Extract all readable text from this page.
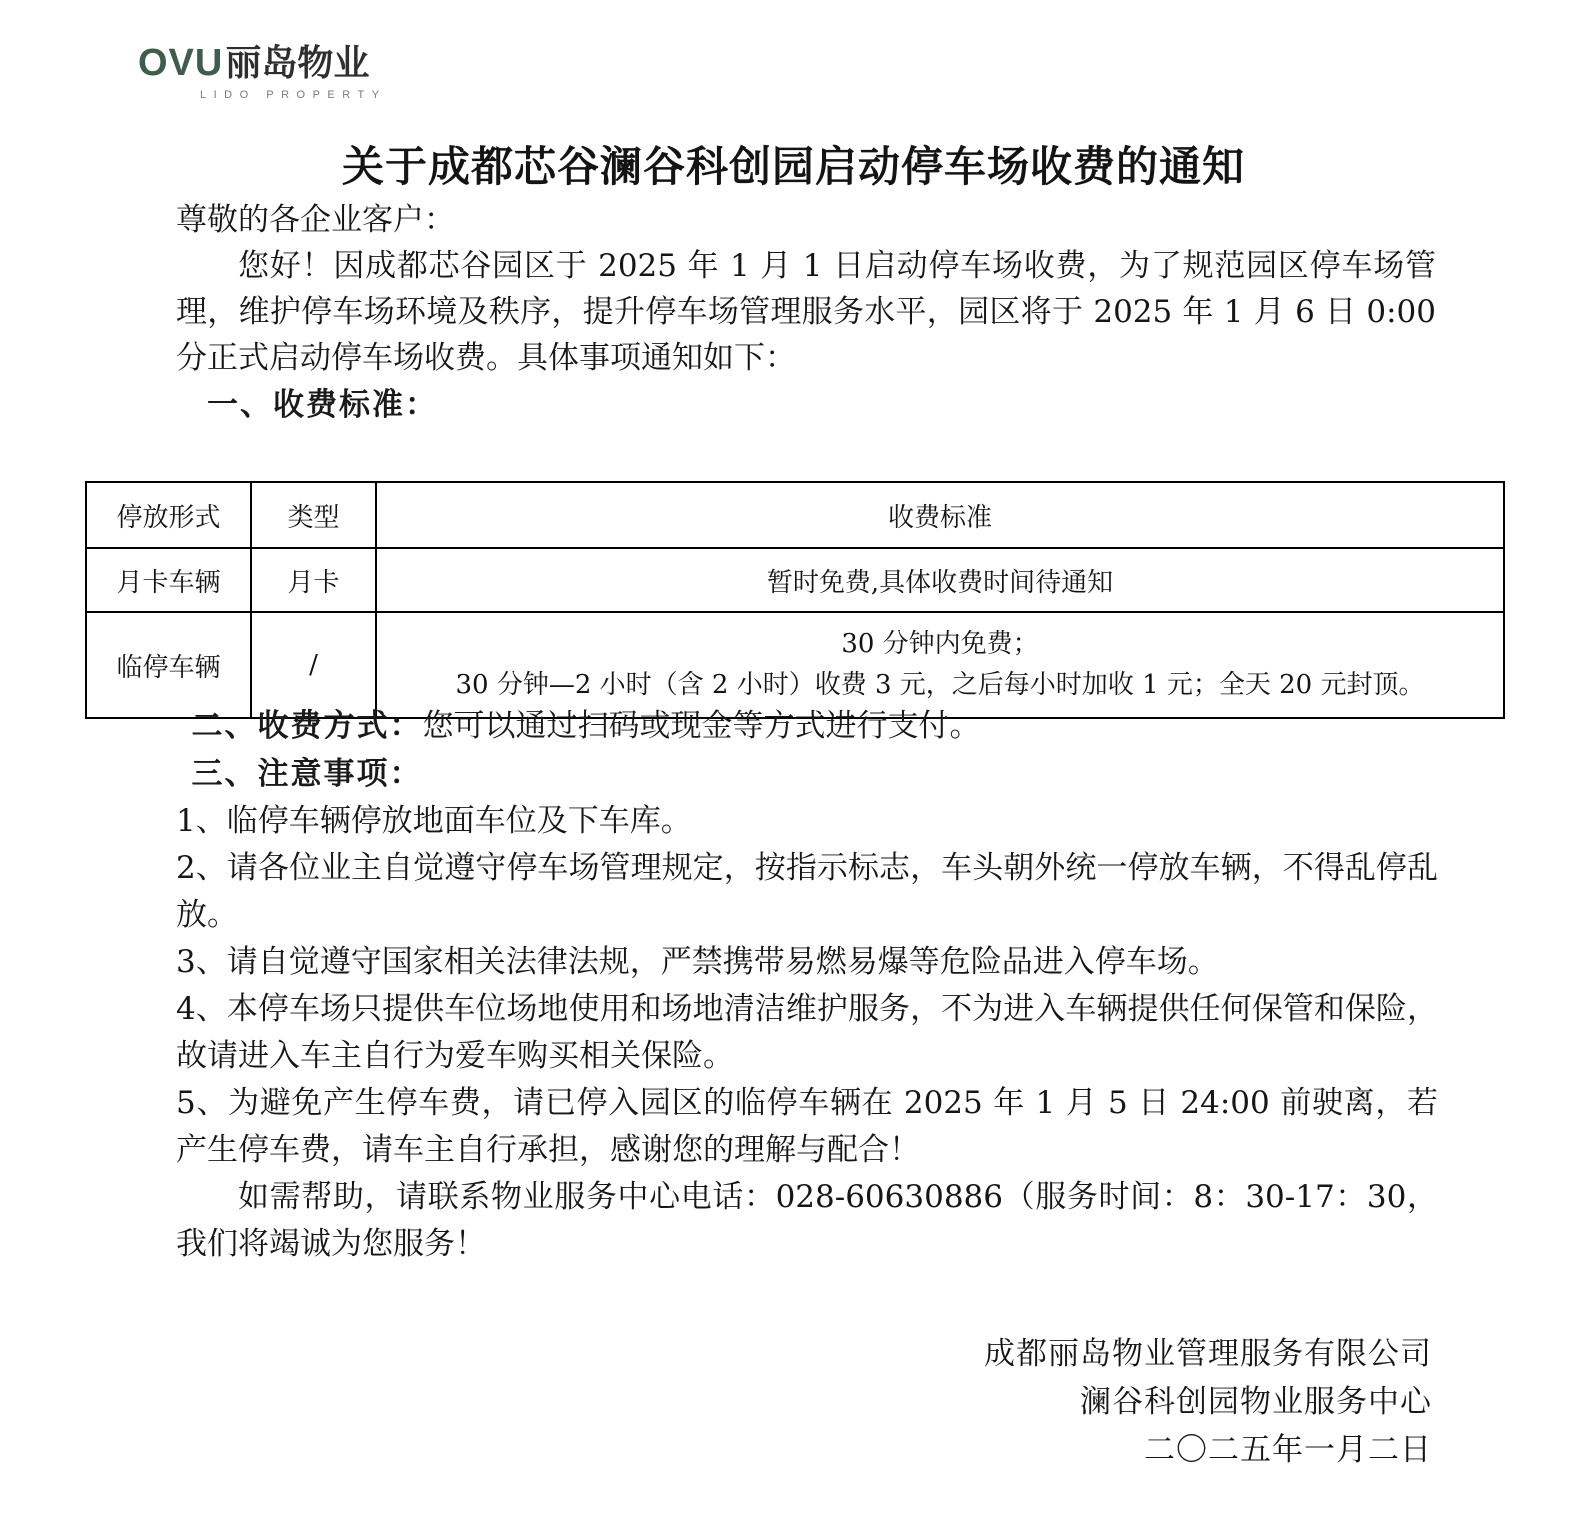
OVU 丽岛物业
LIDO PROPERTY
关于成都芯谷澜谷科创园启动停车场收费的通知

尊敬的各企业客户：

您好！因成都芯谷园区于 2025 年 1 月 1 日启动停车场收费，为了规范园区停车场管理，维护停车场环境及秩序，提升停车场管理服务水平，园区将于 2025 年 1 月 6 日 0:00 分正式启动停车场收费。具体事项通知如下：

一、收费标准：

停放形式	类型	收费标准
月卡车辆	月卡	暂时免费,具体收费时间待通知
临停车辆	/	30 分钟内免费；
30 分钟—2 小时（含 2 小时）收费 3 元，之后每小时加收 1 元；全天 20 元封顶。

二、收费方式：您可以通过扫码或现金等方式进行支付。

三、注意事项：

1、临停车辆停放地面车位及下车库。

2、请各位业主自觉遵守停车场管理规定，按指示标志，车头朝外统一停放车辆，不得乱停乱放。

3、请自觉遵守国家相关法律法规，严禁携带易燃易爆等危险品进入停车场。

4、本停车场只提供车位场地使用和场地清洁维护服务，不为进入车辆提供任何保管和保险，故请进入车主自行为爱车购买相关保险。

5、为避免产生停车费，请已停入园区的临停车辆在 2025 年 1 月 5 日 24:00 前驶离，若产生停车费，请车主自行承担，感谢您的理解与配合！

如需帮助，请联系物业服务中心电话：028-60630886（服务时间：8：30-17：30，我们将竭诚为您服务！

成都丽岛物业管理服务有限公司
澜谷科创园物业服务中心
二〇二五年一月二日
